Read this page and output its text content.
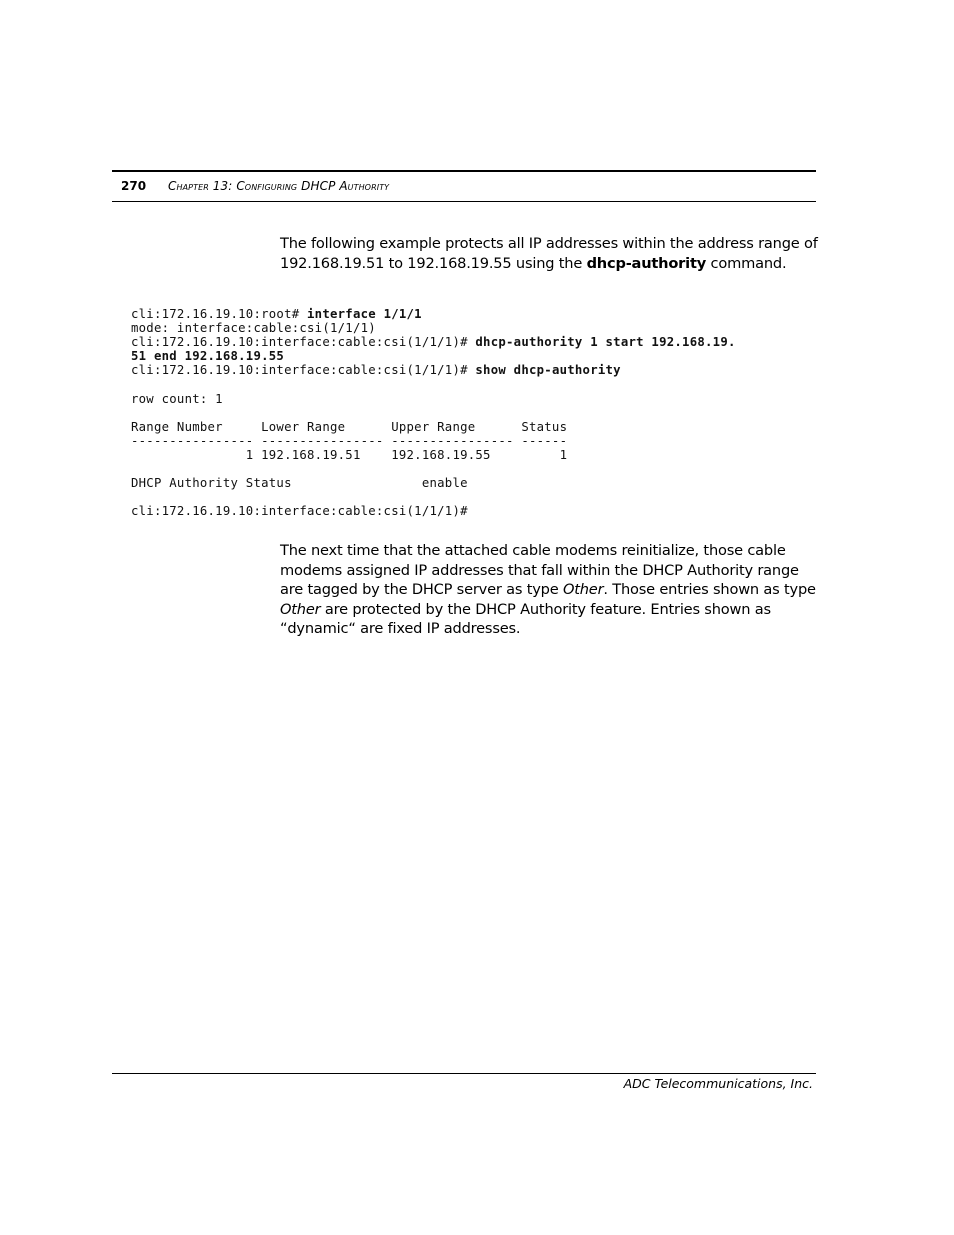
270 Chapter 13: Configuring DHCP Authority
The following example protects all IP addresses within the address range of 192.168.19.51 to 192.168.19.55 using the dhcp-authority command.
cli:172.16.19.10:root# interface 1/1/1
mode: interface:cable:csi(1/1/1)
cli:172.16.19.10:interface:cable:csi(1/1/1)# dhcp-authority 1 start 192.168.19.
51 end 192.168.19.55
cli:172.16.19.10:interface:cable:csi(1/1/1)# show dhcp-authority

row count: 1

Range Number     Lower Range      Upper Range      Status
---------------- ---------------- ---------------- ------
1 192.168.19.51    192.168.19.55         1

DHCP Authority Status                 enable

cli:172.16.19.10:interface:cable:csi(1/1/1)#
The next time that the attached cable modems reinitialize, those cable modems assigned IP addresses that fall within the DHCP Authority range are tagged by the DHCP server as type Other. Those entries shown as type Other are protected by the DHCP Authority feature. Entries shown as “dynamic“ are fixed IP addresses.
ADC Telecommunications, Inc.
